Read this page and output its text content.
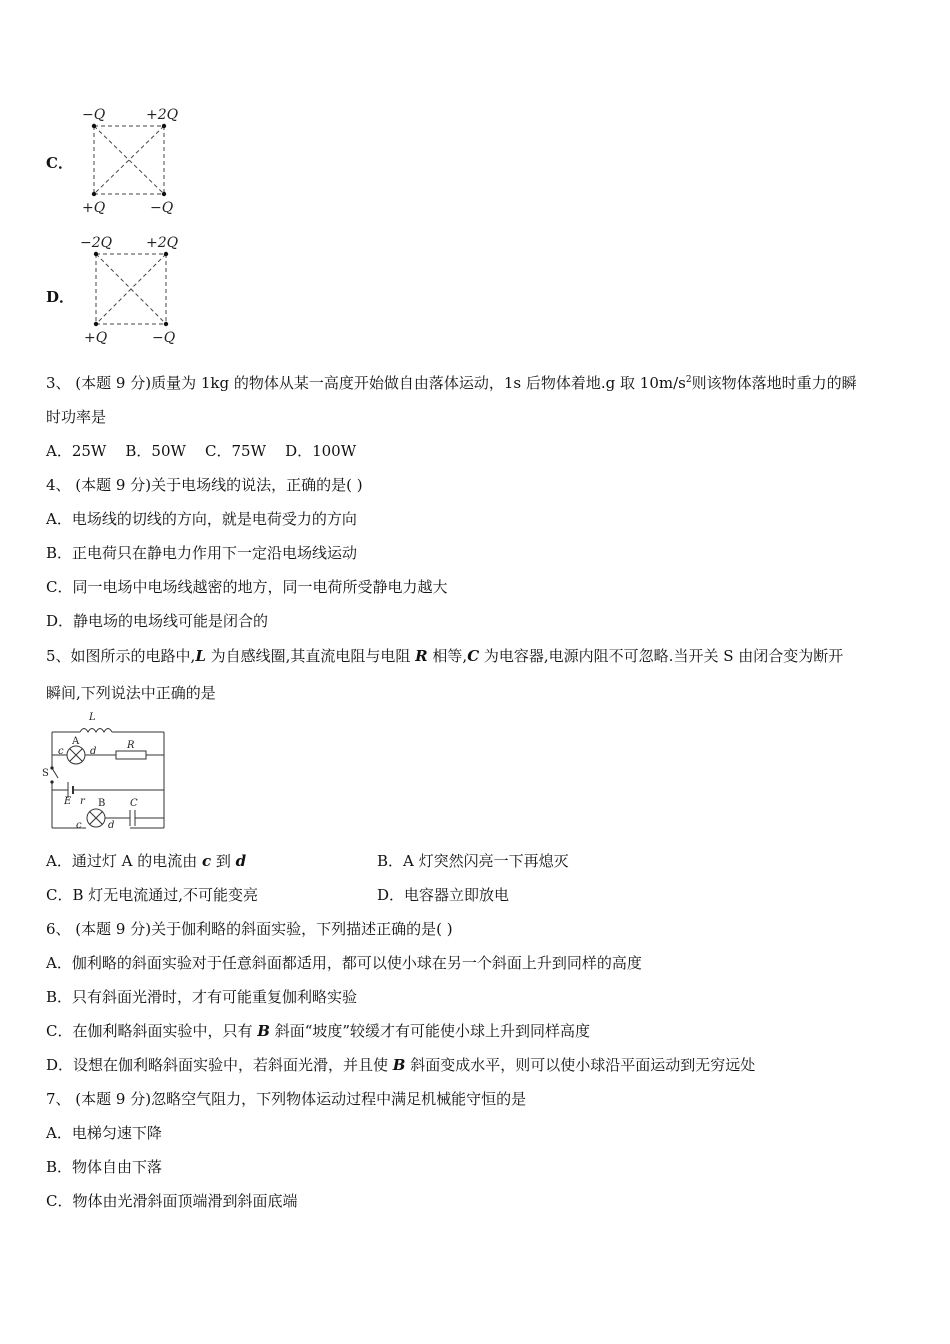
C．
−Q	+2Q
+Q	−Q
D．
−2Q +2Q
+Q	−Q
3、 (本题 9 分)质量为 1kg 的物体从某一高度开始做自由落体运动，1s 后物体着地.g 取 $10m/s^2$则该物体落地时重力的瞬
时功率是
A．25W    B．50W    C．75W    D．100W
4、 (本题 9 分)关于电场线的说法，正确的是( )
A．电场线的切线的方向，就是电荷受力的方向
B．正电荷只在静电力作用下一定沿电场线运动
C．同一电场中电场线越密的地方，同一电荷所受静电力越大
D．静电场的电场线可能是闭合的
5、如图所示的电路中,L 为自感线圈,其直流电阻与电阻 R 相等,C 为电容器,电源内阻不可忽略.当开关 S 由闭合变为断开
瞬间,下列说法中正确的是
L
A
c	d
R
S
E r B C
c	d
A．通过灯 A 的电流由 c 到 d	B．A 灯突然闪亮一下再熄灭
C．B 灯无电流通过,不可能变亮	D．电容器立即放电
6、 (本题 9 分)关于伽利略的斜面实验，下列描述正确的是( )
A．伽利略的斜面实验对于任意斜面都适用，都可以使小球在另一个斜面上升到同样的高度
B．只有斜面光滑时，才有可能重复伽利略实验
C．在伽利略斜面实验中，只有 B 斜面“坡度”较缓才有可能使小球上升到同样高度
D．设想在伽利略斜面实验中，若斜面光滑，并且使 B 斜面变成水平，则可以使小球沿平面运动到无穷远处
7、 (本题 9 分)忽略空气阻力，下列物体运动过程中满足机械能守恒的是
A．电梯匀速下降
B．物体自由下落
C．物体由光滑斜面顶端滑到斜面底端
